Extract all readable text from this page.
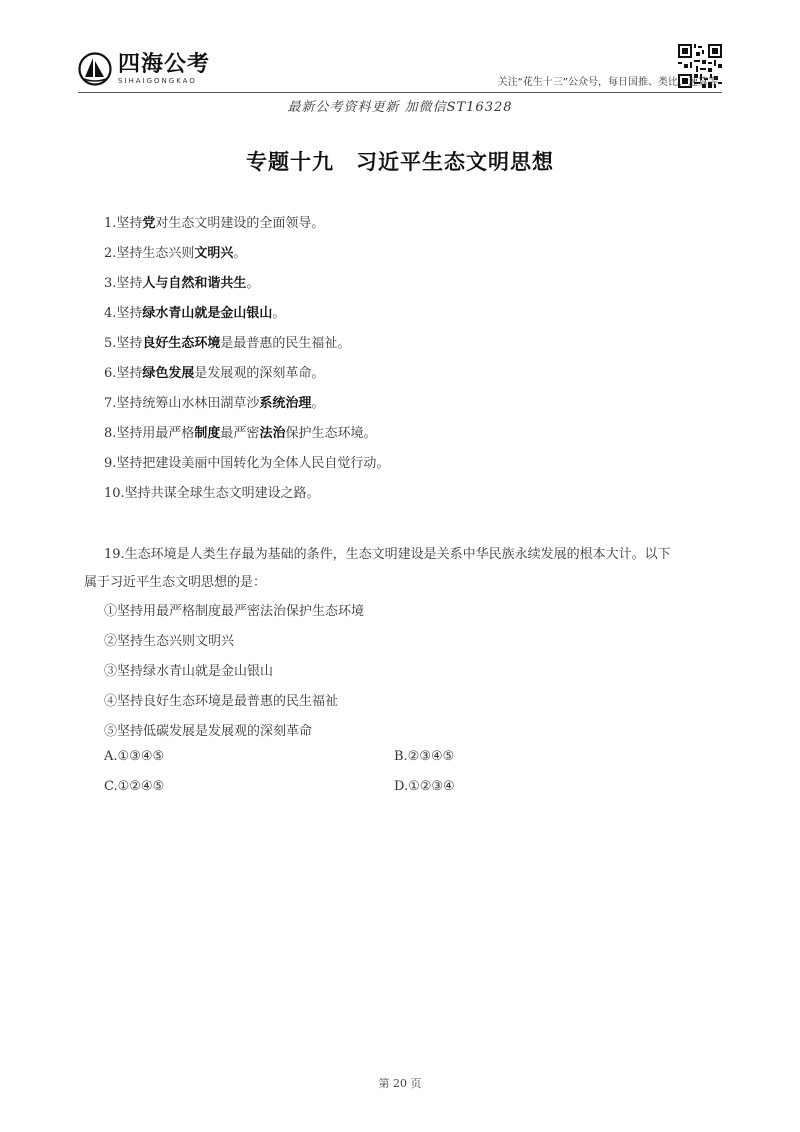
四海公考
SIHAIGONGKAO	关注“花生十三”公众号，每日国推、类比、速算等
最新公考资料更新 加微信ST16328
专题十九　习近平生态文明思想
1.坚持党对生态文明建设的全面领导。
2.坚持生态兴则文明兴。
3.坚持人与自然和谐共生。
4.坚持绿水青山就是金山银山。
5.坚持良好生态环境是最普惠的民生福祉。
6.坚持绿色发展是发展观的深刻革命。
7.坚持统筹山水林田湖草沙系统治理。
8.坚持用最严格制度最严密法治保护生态环境。
9.坚持把建设美丽中国转化为全体人民自觉行动。
10.坚持共谋全球生态文明建设之路。
19.生态环境是人类生存最为基础的条件，生态文明建设是关系中华民族永续发展的根本大计。以下
属于习近平生态文明思想的是：
①坚持用最严格制度最严密法治保护生态环境
②坚持生态兴则文明兴
③坚持绿水青山就是金山银山
④坚持良好生态环境是最普惠的民生福祉
⑤坚持低碳发展是发展观的深刻革命
A.①③④⑤	B.②③④⑤
C.①②④⑤	D.①②③④
第 20 页
